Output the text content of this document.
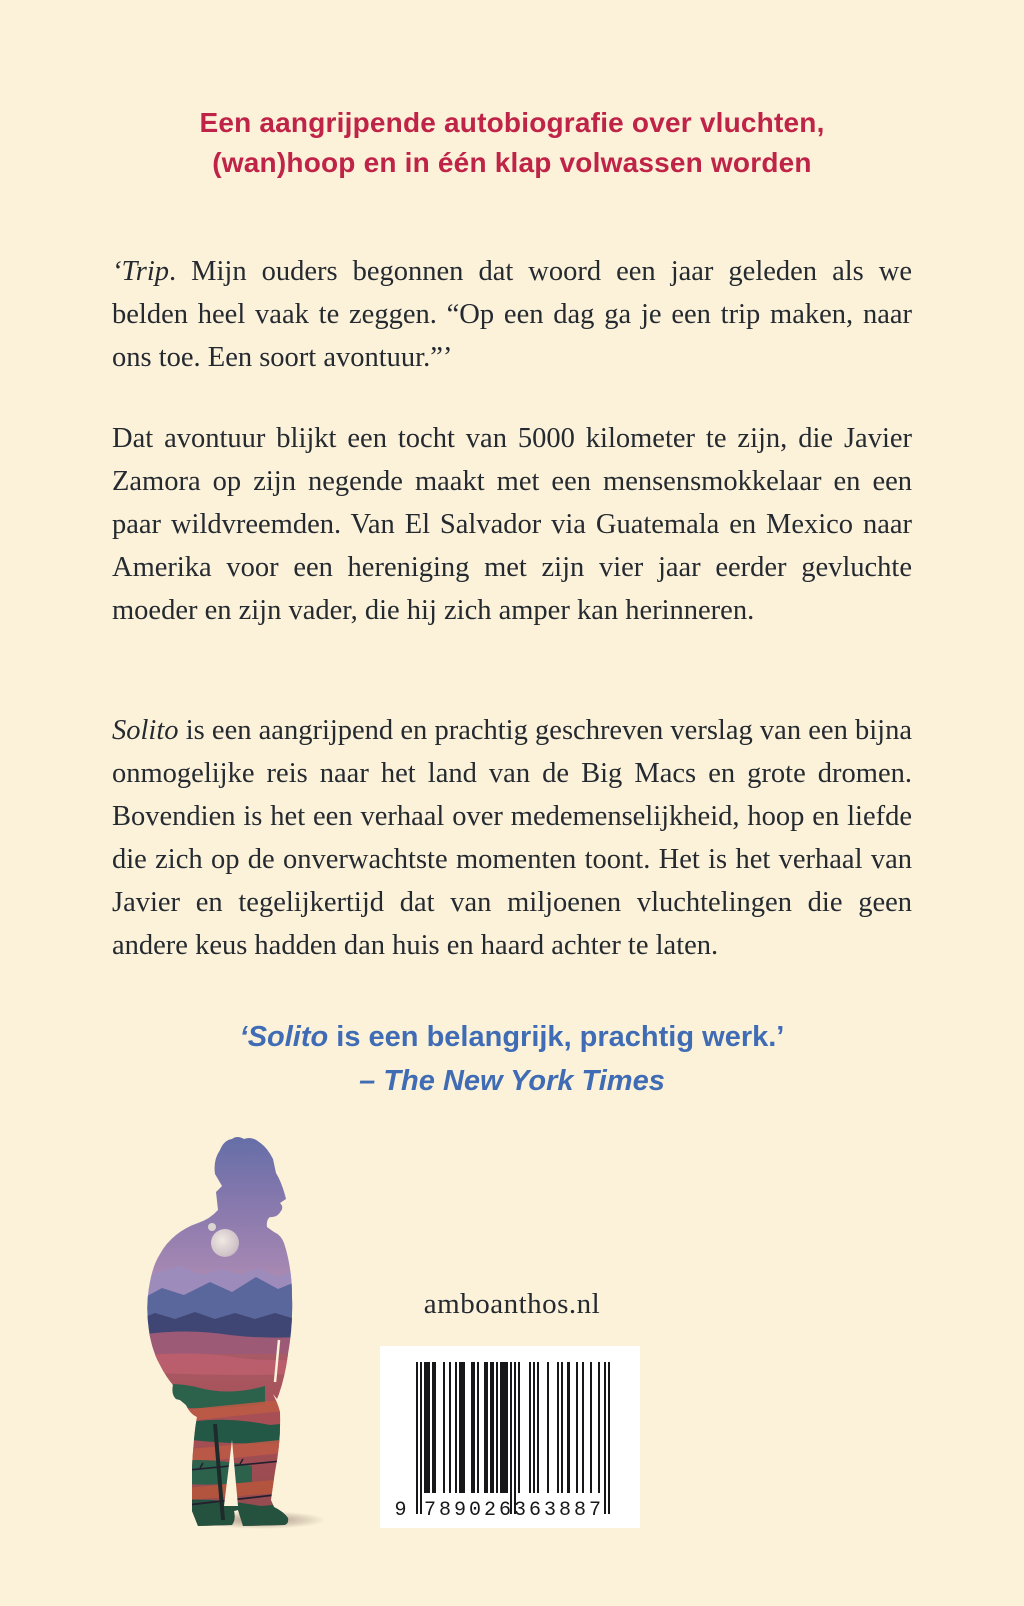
Een aangrijpende autobiografie over vluchten,
(wan)hoop en in één klap volwassen worden

‘Trip. Mijn ouders begonnen dat woord een jaar geleden als we belden heel vaak te zeggen. “Op een dag ga je een trip maken, naar ons toe. Een soort avontuur.”’

Dat avontuur blijkt een tocht van 5000 kilometer te zijn, die Javier Zamora op zijn negende maakt met een mensensmokkelaar en een paar wildvreemden. Van El Salvador via Guatemala en Mexico naar Amerika voor een hereniging met zijn vier jaar eerder gevluchte moeder en zijn vader, die hij zich amper kan herinneren.

Solito is een aangrijpend en prachtig geschreven verslag van een bijna onmogelijke reis naar het land van de Big Macs en grote dromen. Bovendien is het een verhaal over medemenselijkheid, hoop en liefde die zich op de onverwachtste momenten toont. Het is het verhaal van Javier en tegelijkertijd dat van miljoenen vluchtelingen die geen andere keus hadden dan huis en haard achter te laten.

‘Solito is een belangrijk, prachtig werk.’
– The New York Times
amboanthos.nl
9 789026 363887
